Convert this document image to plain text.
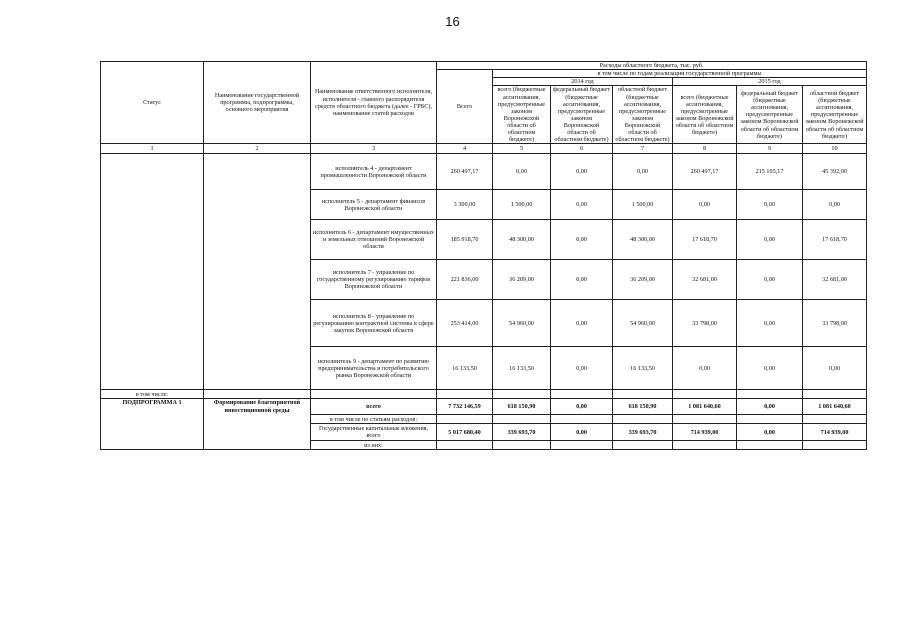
16
Статус	Наименование государственной программы, подпрограммы, основного мероприятия	Наименование ответственного исполнителя, исполнителя - главного распорядителя средств областного бюджета (далее - ГРБС), наименование статей расходов	Расходы областного бюджета, тыс. руб.						
			Всего	в том числе по годам реализации государственной программы					
				2014 год			2015 год		
				всего (бюджетные ассигнования, предусмотренные законом Воронежской области об областном бюджете)	федеральный бюджет (бюджетные ассигнования, предусмотренные законом Воронежской области об областном бюджете)	областной бюджет (бюджетные ассигнования, предусмотренные законом Воронежской области об областном бюджете)	всего (бюджетные ассигнования, предусмотренные законом Воронежской области об областном бюджете)	федеральный бюджет (бюджетные ассигнования, предусмотренные законом Воронежской области об областном бюджете)	областной бюджет (бюджетные ассигнования, предусмотренные законом Воронежской области об областном бюджете)
1	2	3	4	5	6	7	8	9	10
		исполнитель 4 - департамент промышленности Воронежской области	260 497,17	0,00	0,00	0,00	260 497,17	215 105,17	45 392,00
		исполнитель 5 - департамент финансов Воронежской области	3 300,00	1 500,00	0,00	1 500,00	0,00	0,00	0,00
		исполнитель 6 - департамент имущественных и земельных отношений Воронежской области	185 918,70	48 300,00	0,00	48 300,00	17 618,70	0,00	17 618,70
		исполнитель 7 - управление по государственному регулированию тарифов Воронежской области	221 836,00	36 209,00	0,00	36 209,00	32 681,00	0,00	32 681,00
		исполнитель 8 - управление по регулированию контрактной системы в сфере закупок Воронежской области	253 414,00	54 960,00	0,00	54 960,00	33 798,00	0,00	33 798,00
		исполнитель 9 - департамент по развитию предпринимательства и потребительского рынка Воронежской области	16 133,50	16 133,50	0,00	16 133,50	0,00	0,00	0,00
в том числе:									
ПОДПРОГРАММА 1	Формирование благоприятной инвестиционной среды	всего	7 732 146,59	618 150,90	0,00	618 150,90	1 081 640,60	0,00	1 081 640,60
		в том числе по статьям расходов:							
		Государственные капитальные вложения, всего	5 017 680,40	339 693,70	0,00	339 693,70	714 939,00	0,00	714 939,00
		из них:							
